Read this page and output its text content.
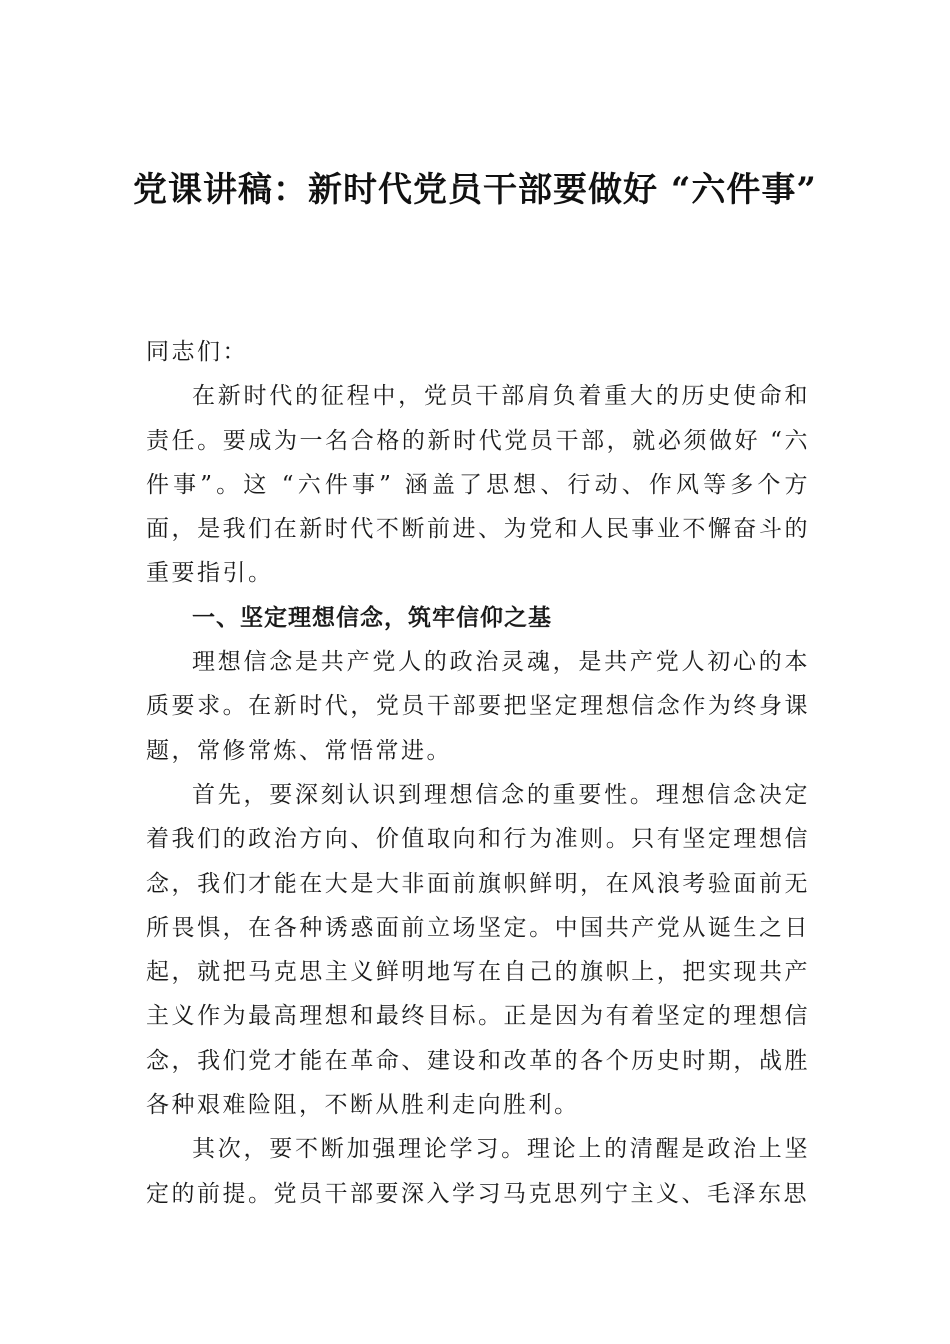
党课讲稿：新时代党员干部要做好 “六件事”

同志们：

在新时代的征程中，党员干部肩负着重大的历史使命和责任。要成为一名合格的新时代党员干部，就必须做好 “六件事”。这 “六件事” 涵盖了思想、行动、作风等多个方面，是我们在新时代不断前进、为党和人民事业不懈奋斗的重要指引。

一、坚定理想信念，筑牢信仰之基

理想信念是共产党人的政治灵魂，是共产党人初心的本质要求。在新时代，党员干部要把坚定理想信念作为终身课题，常修常炼、常悟常进。

首先，要深刻认识到理想信念的重要性。理想信念决定着我们的政治方向、价值取向和行为准则。只有坚定理想信念，我们才能在大是大非面前旗帜鲜明，在风浪考验面前无所畏惧，在各种诱惑面前立场坚定。中国共产党从诞生之日起，就把马克思主义鲜明地写在自己的旗帜上，把实现共产主义作为最高理想和最终目标。正是因为有着坚定的理想信念，我们党才能在革命、建设和改革的各个历史时期，战胜各种艰难险阻，不断从胜利走向胜利。

其次，要不断加强理论学习。理论上的清醒是政治上坚定的前提。党员干部要深入学习马克思列宁主义、毛泽东思
